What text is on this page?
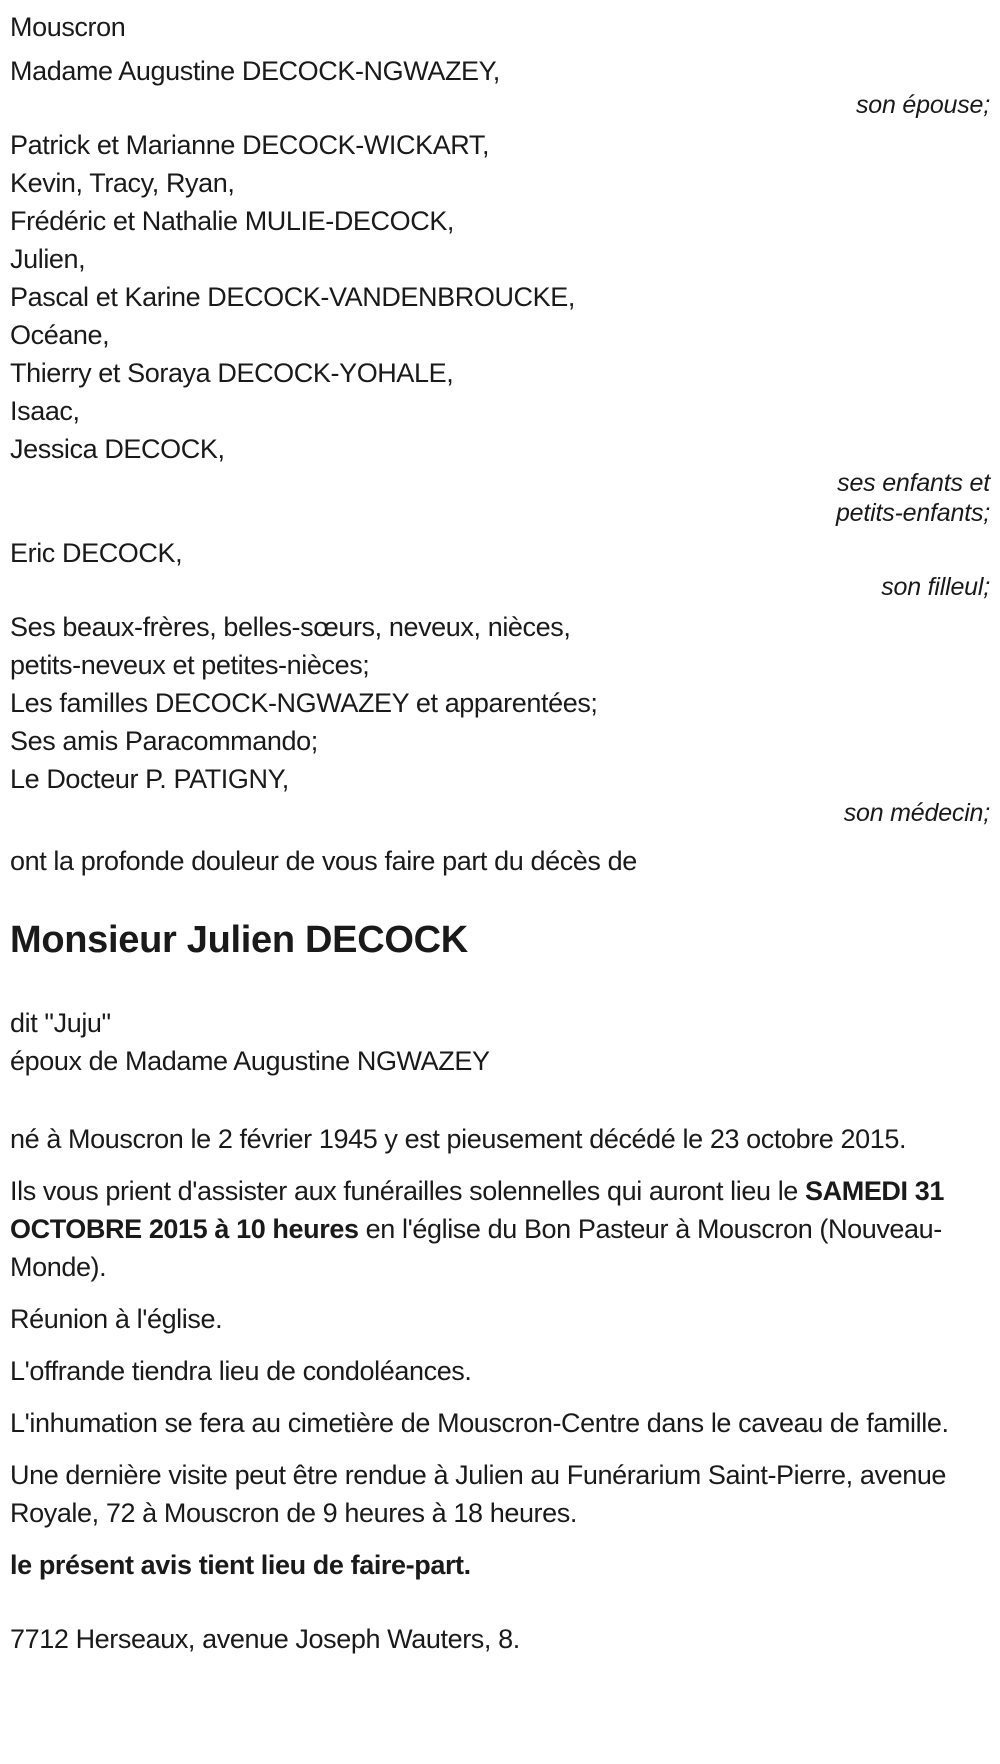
Mouscron
Madame Augustine DECOCK-NGWAZEY,
son épouse;
Patrick et Marianne DECOCK-WICKART,
Kevin, Tracy, Ryan,
Frédéric et Nathalie MULIE-DECOCK,
Julien,
Pascal et Karine DECOCK-VANDENBROUCKE,
Océane,
Thierry et Soraya DECOCK-YOHALE,
Isaac,
Jessica DECOCK,
ses enfants et
petits-enfants;
Eric DECOCK,
son filleul;
Ses beaux-frères, belles-sœurs, neveux, nièces,
petits-neveux et petites-nièces;
Les familles DECOCK-NGWAZEY et apparentées;
Ses amis Paracommando;
Le Docteur P. PATIGNY,
son médecin;

ont la profonde douleur de vous faire part du décès de

Monsieur Julien DECOCK
dit "Juju"
époux de Madame Augustine NGWAZEY

né à Mouscron le 2 février 1945 y est pieusement décédé le 23 octobre 2015.

Ils vous prient d'assister aux funérailles solennelles qui auront lieu le SAMEDI 31 OCTOBRE 2015 à 10 heures en l'église du Bon Pasteur à Mouscron (Nouveau-Monde).

Réunion à l'église.

L'offrande tiendra lieu de condoléances.

L'inhumation se fera au cimetière de Mouscron-Centre dans le caveau de famille.

Une dernière visite peut être rendue à Julien au Funérarium Saint-Pierre, avenue Royale, 72 à Mouscron de 9 heures à 18 heures.

le présent avis tient lieu de faire-part.

7712 Herseaux, avenue Joseph Wauters, 8.
